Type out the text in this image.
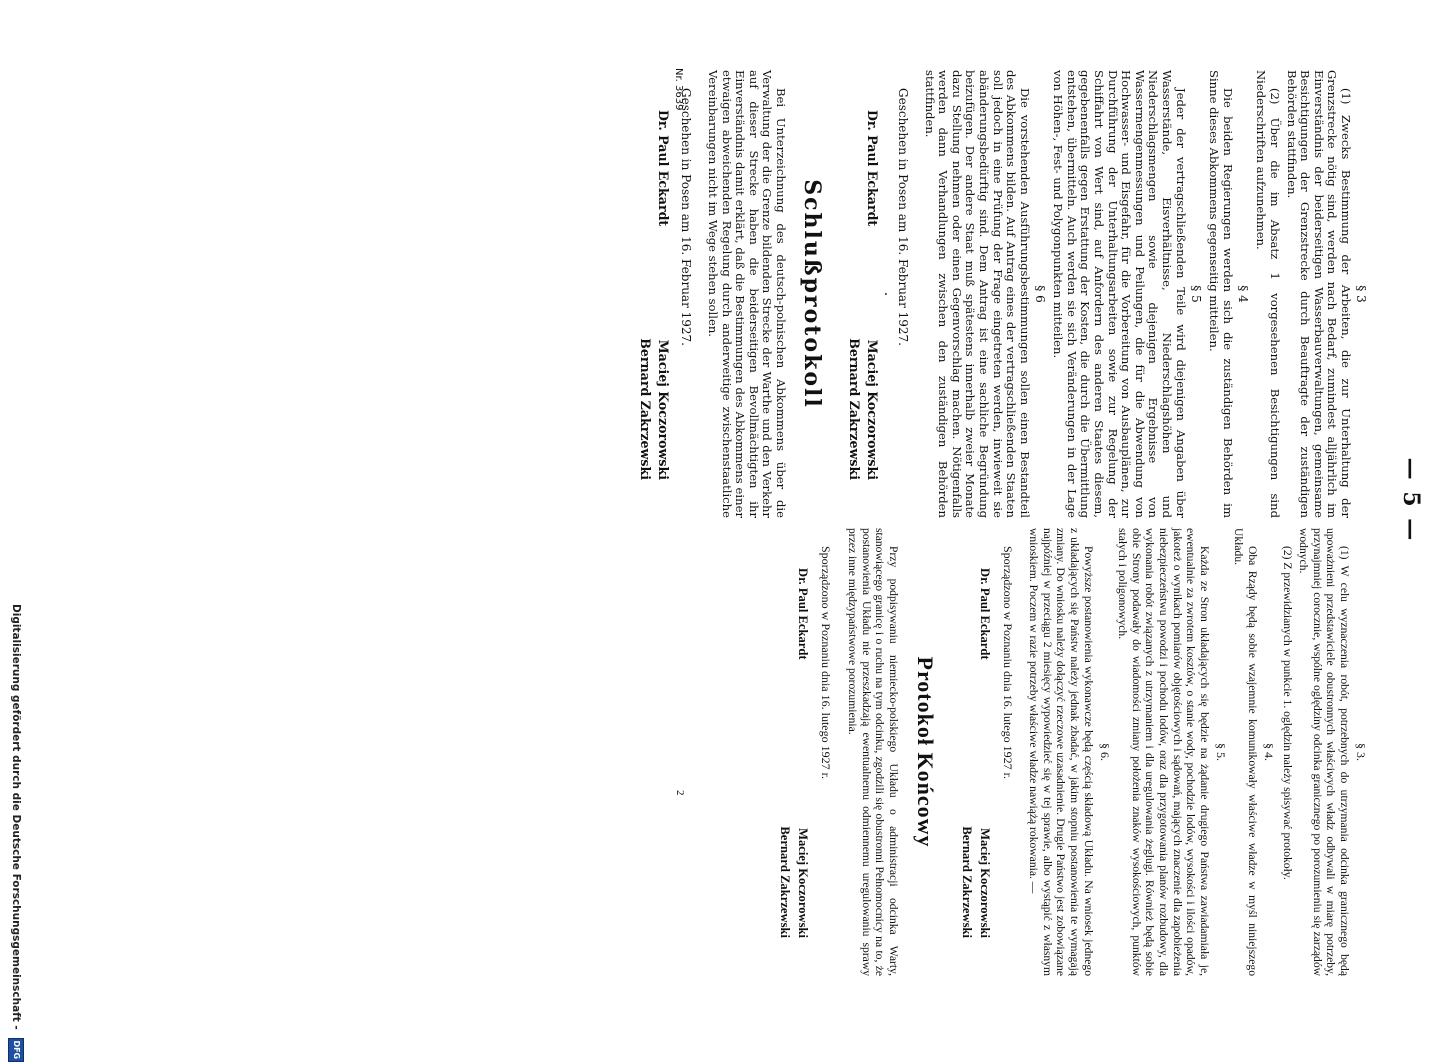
— 5 —
§ 3

(1) Zwecks Bestimmung der Arbeiten, die zur Unterhaltung der Grenzstrecke nötig sind, werden nach Bedarf, zumindest alljährlich im Einverständnis der beiderseitigen Wasserbauverwaltungen, gemeinsame Besichtigungen der Grenzstrecke durch Beauftragte der zuständigen Behörden stattfinden.

(2) Über die im Absatz 1 vorgesehenen Besichtigungen sind Niederschriften aufzunehmen.

§ 4

Die beiden Regierungen werden sich die zuständigen Behörden im Sinne dieses Abkommens gegenseitig mitteilen.

§ 5

Jeder der vertragschließenden Teile wird diejenigen Angaben über Wasserstände, Eisverhältnisse, Niederschlagshöhen und Niederschlagsmengen sowie diejenigen Ergebnisse von Wassermengenmessungen und Peilungen, die für die Abwendung von Hochwasser- und Eisgefahr, für die Vorbereitung von Ausbauplänen, zur Durchführung der Unterhaltungsarbeiten sowie zur Regelung der Schiffahrt von Wert sind, auf Anfordern des anderen Staates diesem, gegebenenfalls gegen Erstattung der Kosten, die durch die Übermittlung entstehen, übermitteln. Auch werden sie sich Veränderungen in der Lage von Höhen-, Fest- und Polygonpunkten mitteilen.

§ 6

Die vorstehenden Ausführungsbestimmungen sollen einen Bestandteil des Abkommens bilden. Auf Antrag eines der vertragschließenden Staaten soll jedoch in eine Prüfung der Frage eingetreten werden, inwieweit sie abänderungsbedürftig sind. Dem Antrag ist eine sachliche Begründung beizufügen. Der andere Staat muß spätestens innerhalb zweier Monate dazu Stellung nehmen oder einen Gegenvorschlag machen. Nötigenfalls werden dann Verhandlungen zwischen den zuständigen Behörden stattfinden.

Geschehen in Posen am 16. Februar 1927.
·
Dr. Paul Eckardt
Maciej Koczorowski
Bernard Zakrzewski
Schlußprotokoll

Bei Unterzeichnung des deutsch-polnischen Abkommens über die Verwaltung der die Grenze bildenden Strecke der Warthe und den Verkehr auf dieser Strecke haben die beiderseitigen Bevollmächtigten ihr Einverständnis damit erklärt, daß die Bestimmungen des Abkommens einer etwaigen abweichenden Regelung durch anderweitige zwischenstaatliche Vereinbarungen nicht im Wege stehen sollen.

Geschehen in Posen am 16. Februar 1927.
Dr. Paul Eckardt
Maciej Koczorowski
Bernard Zakrzewski
§ 3.

(1) W celu wyznaczenia robót, potrzebnych do utrzymania odcinka granicznego będą upoważnieni przedstawiciele obustronnych właściwych władz odbywali w miarę potrzeby, przynajmniej corocznie, wspólne oględziny odcinka granicznego po porozumieniu się zarządów wodnych.

(2) Z przewidzianych w punkcie 1. oględzin należy spisywać protokoły.

§ 4.

Oba Rządy będą sobie wzajemnie komunikowały właściwe władze w myśl niniejszego Układu.

§ 5.

Każda ze Stron układających się będzie na żądanie drugiego Państwa zawiadamiała je, ewentualnie za zwrotem kosztów, o stanie wody, pochodzie lodów, wysokości i ilości opadów, jakoteż o wynikach pomiarów objętościowych i sądowań, mających znaczenie dla zapobieżenia niebezpieczeństwu powodzi i pochodu lodów, oraz dla przygotowania planów rozbudowy, dla wykonania robót związanych z utrzymaniem i dla uregulowania żeglugi. Również będą sobie obie Strony podawały do wiadomości zmiany położenia znaków wysokościowych, punktów stałych i poligonowych.

§ 6.

Powyższe postanowienia wykonawcze będą częścią składową Układu. Na wniosek jednego z układających się Państw należy jednak zbadać, w jakim stopniu postanowienia te wymagają zmiany. Do wniosku należy dołączyć rzeczowe uzasadnienie. Drugie Państwo jest zobowiązane najpóźniej w przeciągu 2 miesięcy wypowiedzieć się w tej sprawie, albo wystąpić z własnym wnioskiem. Poczem w razie potrzeby właściwe władze nawiążą rokowania. —

Sporządzono w Poznaniu dnia 16. lutego 1927 r.
Dr. Paul Eckardt
Maciej Koczorowski
Bernard Zakrzewski
Protokoł Końcowy

Przy podpisywaniu niemiecko-polskiego Układu o administracji odcinka Warty, stanowiącego granicę i o ruchu na tym odcinku, zgodzili się obustronni Pełnomocnicy na to, że postanowienia Układu nie przeszkadzają ewentualnemu odmiennemu uregulowaniu sprawy przez inne międzypaństwowe porozumienia.

Sporządzono w Poznaniu dnia 16. lutego 1927 r.
Dr. Paul Eckardt
Maciej Koczorowski
Bernard Zakrzewski
Nr. 3639
2
Digitalisierung gefördert durch die Deutsche Forschungsgemeinschaft -
DFG
